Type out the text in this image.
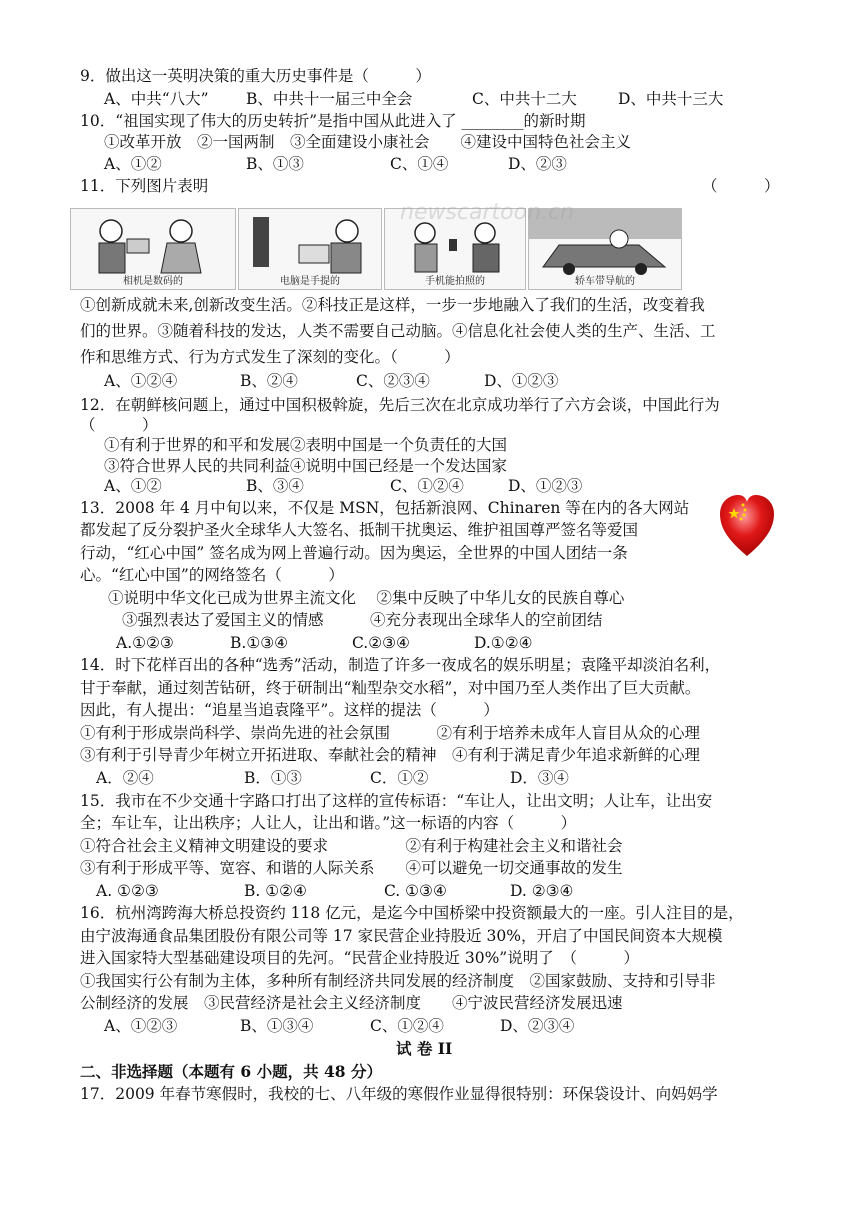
9．做出这一英明决策的重大历史事件是（　　　）
A、中共“八大” B、中共十一届三中全会	C、中共十二大	D、中共十三大
10．“祖国实现了伟大的历史转折”是指中国从此进入了 ________的新时期
①改革开放　②一国两制　③全面建设小康社会　　④建设中国特色社会主义
A、①②	B、①③	C、①④	D、②③
11．下列图片表明	（　　　）
相机是数码的	电脑是手提的	手机能拍照的	轿车带导航的
newscartoon.cn
①创新成就未来,创新改变生活。②科技正是这样，一步一步地融入了我们的生活，改变着我
们的世界。③随着科技的发达，人类不需要自己动脑。④信息化社会使人类的生产、生活、工
作和思维方式、行为方式发生了深刻的变化。（　　　）
A、①②④	B、②④	C、②③④	D、①②③
12．在朝鲜核问题上，通过中国积极斡旋，先后三次在北京成功举行了六方会谈，中国此行为
（　　　）
①有利于世界的和平和发展②表明中国是一个负责任的大国
③符合世界人民的共同利益④说明中国已经是一个发达国家
A、①②	B、③④	C、①②④	D、①②③
13．2008 年 4 月中旬以来，不仅是 MSN，包括新浪网、Chinaren 等在内的各大网站
都发起了反分裂护圣火全球华人大签名、抵制干扰奥运、维护祖国尊严签名等爱国
行动，“红心中国” 签名成为网上普遍行动。因为奥运，全世界的中国人团结一条
心。“红心中国”的网络签名（　　　）
①说明中华文化已成为世界主流文化　 ②集中反映了中华儿女的民族自尊心
③强烈表达了爱国主义的情感　　　④充分表现出全球华人的空前团结
A.①②③	B.①③④	C.②③④	D.①②④
14．时下花样百出的各种“选秀”活动，制造了许多一夜成名的娱乐明星；袁隆平却淡泊名利，
甘于奉献，通过刻苦钻研，终于研制出“籼型杂交水稻”，对中国乃至人类作出了巨大贡献。
因此，有人提出：“追星当追袁隆平”。这样的提法（　　　）
①有利于形成崇尚科学、崇尚先进的社会氛围　　　②有利于培养未成年人盲目从众的心理
③有利于引导青少年树立开拓进取、奉献社会的精神　④有利于满足青少年追求新鲜的心理
A．②④	B．①③	C．①②	D．③④
15．我市在不少交通十字路口打出了这样的宣传标语：“车让人，让出文明；人让车，让出安
全；车让车，让出秩序；人让人，让出和谐。”这一标语的内容（　　　）
①符合社会主义精神文明建设的要求　　　　　②有利于构建社会主义和谐社会
③有利于形成平等、宽容、和谐的人际关系　　④可以避免一切交通事故的发生
A. ①②③	B. ①②④	C. ①③④	D. ②③④
16．杭州湾跨海大桥总投资约 118 亿元，是迄今中国桥梁中投资额最大的一座。引人注目的是，
由宁波海通食品集团股份有限公司等 17 家民营企业持股近 30%，开启了中国民间资本大规模
进入国家特大型基础建设项目的先河。“民营企业持股近 30%”说明了　（　　　）
①我国实行公有制为主体，多种所有制经济共同发展的经济制度　②国家鼓励、支持和引导非
公制经济的发展　③民营经济是社会主义经济制度　　④宁波民营经济发展迅速
A、①②③	B、①③④	C、①②④	D、②③④
试 卷 II
二、非选择题（本题有 6 小题，共 48 分）
17．2009 年春节寒假时，我校的七、八年级的寒假作业显得很特别：环保袋设计、向妈妈学
